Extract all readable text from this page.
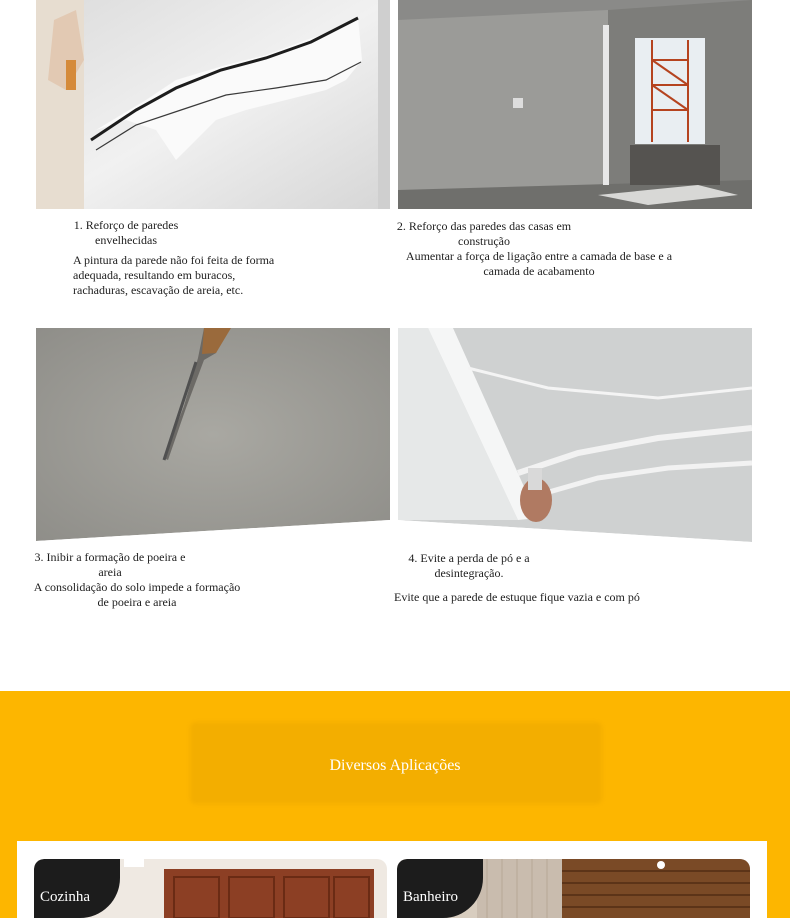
1. Reforço de paredes envelhecidas
A pintura da parede não foi feita de forma adequada, resultando em buracos, rachaduras, escavação de areia, etc.
2. Reforço das paredes das casas em construção
Aumentar a força de ligação entre a camada de base e a camada de acabamento
3. Inibir a formação de poeira e areia
A consolidação do solo impede a formação de poeira e areia
4. Evite a perda de pó e a desintegração.
Evite que a parede de estuque fique vazia e com pó
Diversos Aplicações
Cozinha	Banheiro
